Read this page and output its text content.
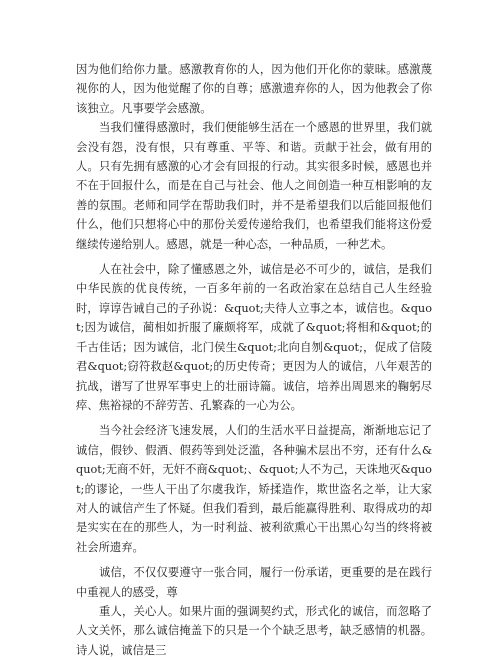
因为他们给你力量。感激教育你的人，因为他们开化你的蒙昧。感激蔑视你的人，因为他觉醒了你的自尊；感激遗弃你的人，因为他教会了你该独立。凡事要学会感激。

当我们懂得感激时，我们便能够生活在一个感恩的世界里，我们就会没有怨，没有恨，只有尊重、平等、和谐。贡献于社会，做有用的人。只有先拥有感激的心才会有回报的行动。其实很多时候，感恩也并不在于回报什么，而是在自己与社会、他人之间创造一种互相影响的友善的氛围。老师和同学在帮助我们时，并不是希望我们以后能回报他们什么，他们只想将心中的那份关爱传递给我们，也希望我们能将这份爱继续传递给别人。感恩，就是一种心态，一种品质，一种艺术。

人在社会中，除了懂感恩之外，诚信是必不可少的，诚信，是我们中华民族的优良传统，一百多年前的一名政治家在总结自己人生经验时，谆谆告诫自己的子孙说：&quot;夫待人立事之本，诚信也。&quot;因为诚信，蔺相如折服了廉颇将军，成就了&quot;将相和&quot;的千古佳话；因为诚信，北门侯生&quot;北向自刎&quot;，促成了信陵君&quot;窃符救赵&quot;的历史传奇；更因为人的诚信，八年艰苦的抗战，谱写了世界军事史上的壮丽诗篇。诚信，培养出周恩来的鞠躬尽瘁、焦裕禄的不辞劳苦、孔繁森的一心为公。

当今社会经济飞速发展，人们的生活水平日益提高，渐渐地忘记了诚信，假钞、假酒、假药等到处泛滥，各种骗术层出不穷，还有什么&quot;无商不奸，无奸不商&quot;、&quot;人不为己，天诛地灭&quot;的谬论，一些人干出了尔虞我诈，矫揉造作，欺世盗名之举，让大家对人的诚信产生了怀疑。但我们看到，最后能赢得胜利、取得成功的却是实实在在的那些人，为一时利益、被利欲熏心干出黑心勾当的终将被社会所遗弃。

诚信，不仅仅要遵守一张合同，履行一份承诺，更重要的是在践行中重视人的感受，尊

重人，关心人。如果片面的强调契约式，形式化的诚信，而忽略了人文关怀，那么诚信掩盖下的只是一个个缺乏思考，缺乏感情的机器。诗人说，诚信是三
